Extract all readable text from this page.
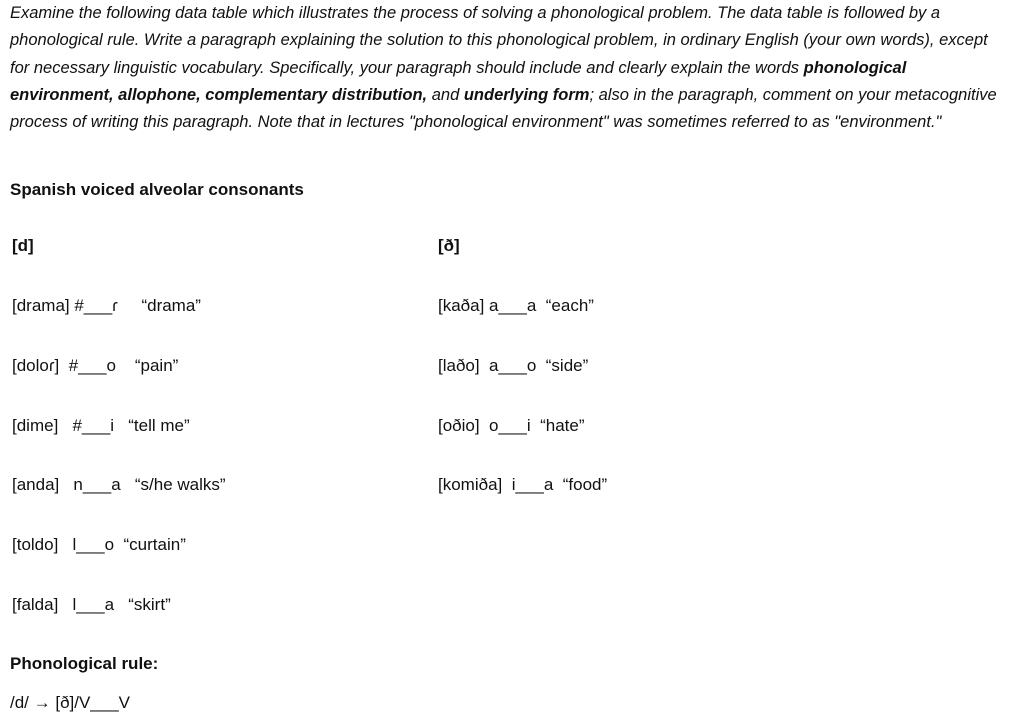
Examine the following data table which illustrates the process of solving a phonological problem. The data table is followed by a phonological rule. Write a paragraph explaining the solution to this phonological problem, in ordinary English (your own words), except for necessary linguistic vocabulary. Specifically, your paragraph should include and clearly explain the words phonological environment, allophone, complementary distribution, and underlying form; also in the paragraph, comment on your metacognitive process of writing this paragraph. Note that in lectures "phonological environment" was sometimes referred to as "environment."
Spanish voiced alveolar consonants
[d]
[drama] #___ɾ     “drama”
[doloɾ]  #___o    “pain”
[dime]   #___i   “tell me”
[anda]   n___a   “s/he walks”
[toldo]   l___o  “curtain”
[falda]   l___a   “skirt”
[ð]
[kaða] a___a  “each”
[laðo]  a___o  “side”
[oðio]  o___i  “hate”
[komiða]  i___a  “food”
Phonological rule:
/d/ → [ð]/V___V
